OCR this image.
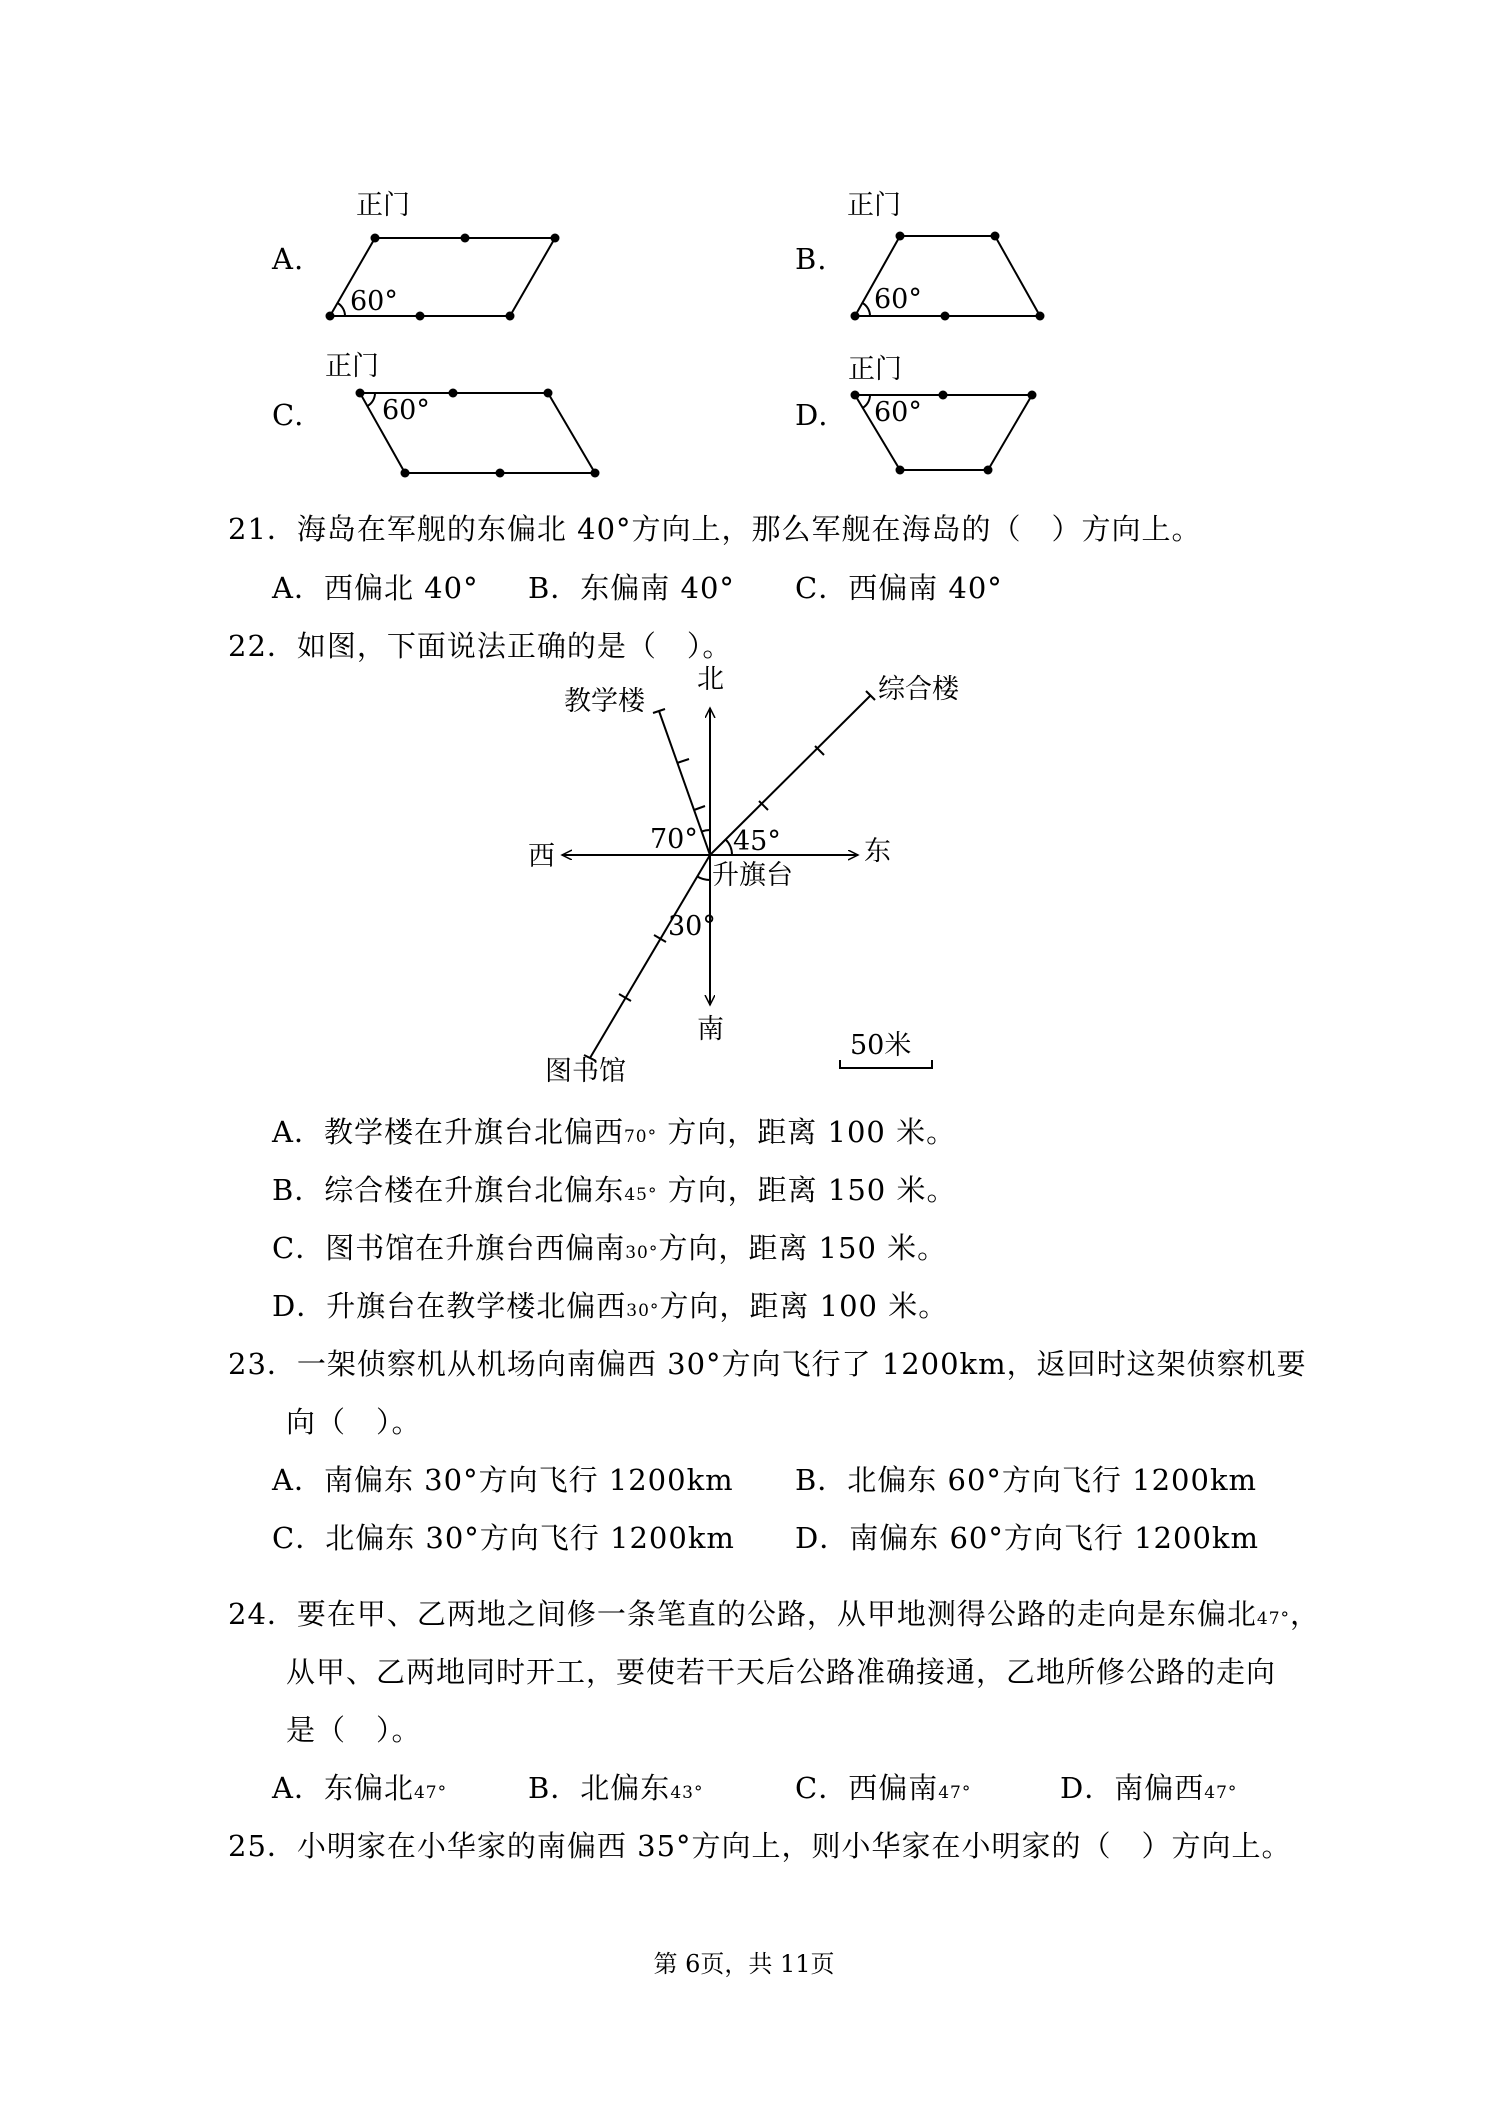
A.	B.
C.	D.
正门
60°
正门
60°
正门
60°
正门
60°
21．海岛在军舰的东偏北 40°方向上，那么军舰在海岛的（　）方向上。
A．西偏北 40° B．东偏南 40° C．西偏南 40°
22．如图，下面说法正确的是（　）。
北
南
西	东
升旗台
教学楼	综合楼
图书馆
70° 45°
30°
50米
A．教学楼在升旗台北偏西70° 方向，距离 100 米。
B．综合楼在升旗台北偏东45° 方向，距离 150 米。
C．图书馆在升旗台西偏南30°方向，距离 150 米。
D．升旗台在教学楼北偏西30°方向，距离 100 米。
23．一架侦察机从机场向南偏西 30°方向飞行了 1200km，返回时这架侦察机要
向（　）。
A．南偏东 30°方向飞行 1200km B．北偏东 60°方向飞行 1200km
C．北偏东 30°方向飞行 1200km D．南偏东 60°方向飞行 1200km
24．要在甲、乙两地之间修一条笔直的公路，从甲地测得公路的走向是东偏北47°，
从甲、乙两地同时开工，要使若干天后公路准确接通，乙地所修公路的走向
是（　）。
A．东偏北47°	B．北偏东43°	C．西偏南47°	D．南偏西47°
25．小明家在小华家的南偏西 35°方向上，则小华家在小明家的（　）方向上。
第 6页，共 11页
